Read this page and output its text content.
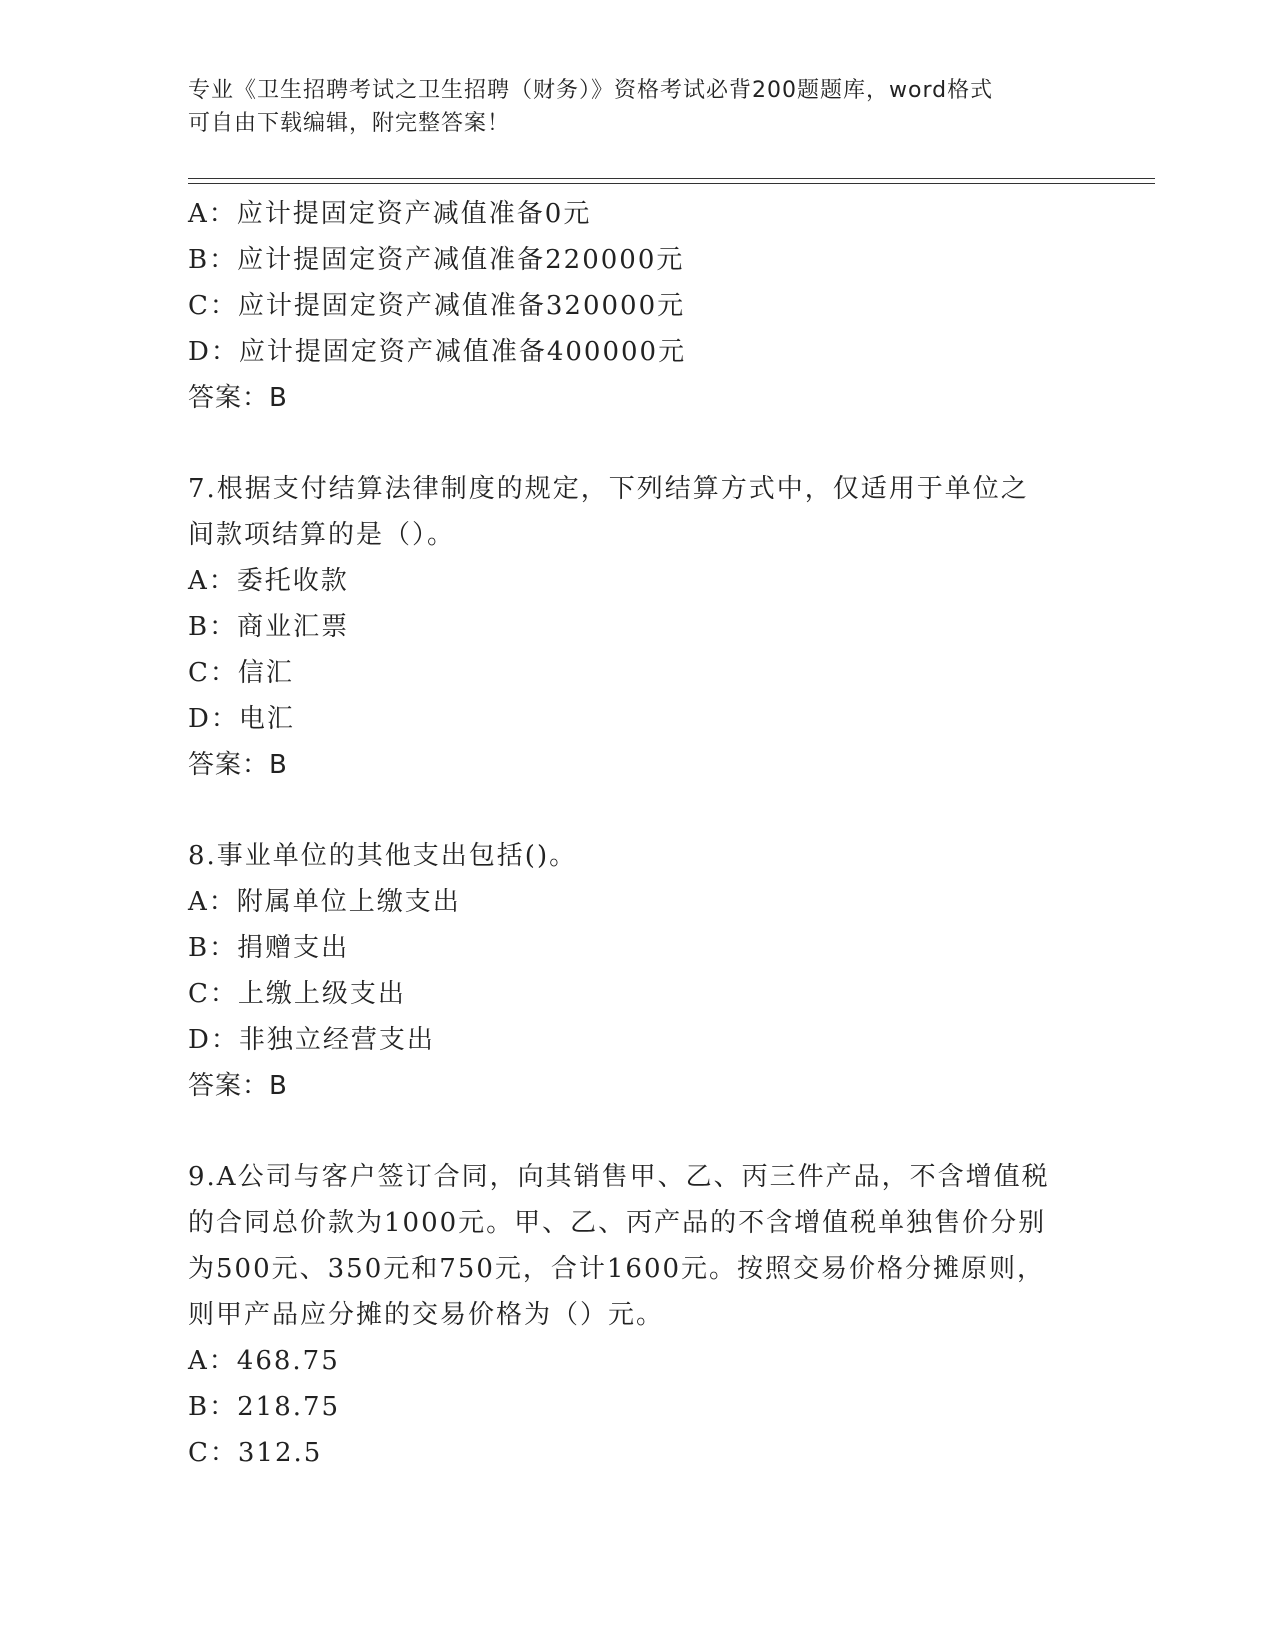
专业《卫生招聘考试之卫生招聘（财务）》资格考试必背200题题库，word格式
可自由下载编辑，附完整答案！
A：应计提固定资产减值准备0元
B：应计提固定资产减值准备220000元
C：应计提固定资产减值准备320000元
D：应计提固定资产减值准备400000元
答案：B
7.根据支付结算法律制度的规定，下列结算方式中，仅适用于单位之
间款项结算的是（）。
A：委托收款
B：商业汇票
C：信汇
D：电汇
答案：B
8.事业单位的其他支出包括()。
A：附属单位上缴支出
B：捐赠支出
C：上缴上级支出
D：非独立经营支出
答案：B
9.A公司与客户签订合同，向其销售甲、乙、丙三件产品，不含增值税
的合同总价款为1000元。甲、乙、丙产品的不含增值税单独售价分别
为500元、350元和750元，合计1600元。按照交易价格分摊原则，
则甲产品应分摊的交易价格为（）元。
A：468.75
B：218.75
C：312.5
